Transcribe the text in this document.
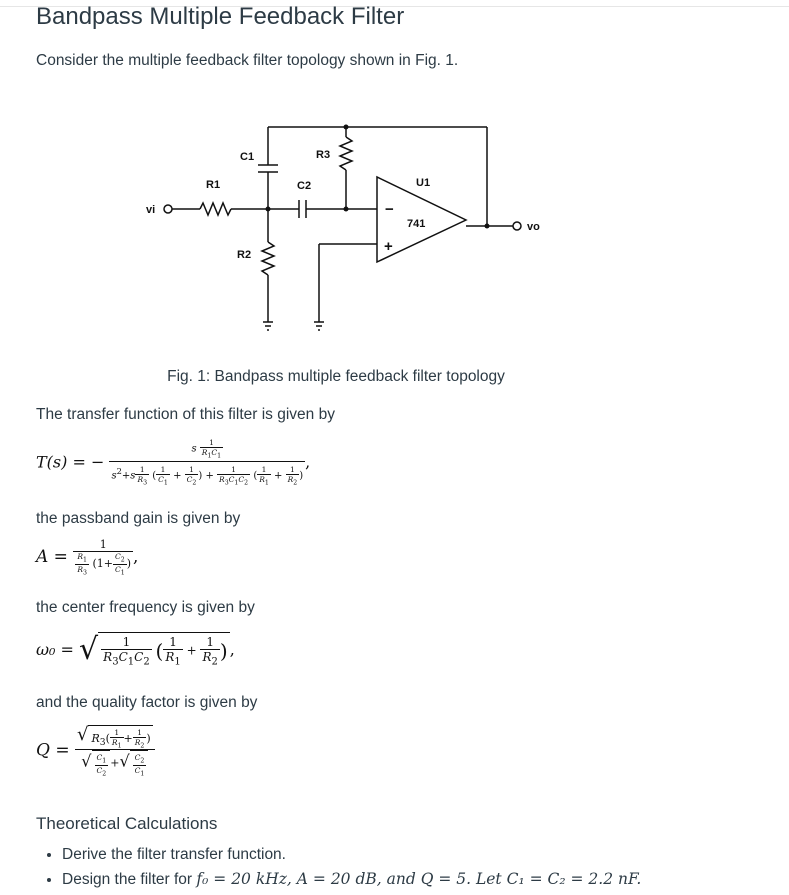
Bandpass Multiple Feedback Filter

Consider the multiple feedback filter topology shown in Fig. 1.

vi
vo
R1
R2
R3
C1
C2	U1
741
−
+
Fig. 1: Bandpass multiple feedback filter topology

The transfer function of this filter is given by

T(s) = − $\frac{s \frac{1}{R_1C_1}}{s^2+s \frac{1}{R_3} ( \frac{1}{C_1} + \frac{1}{C_2} ) + \frac{1}{R_3C_1C_2} ( \frac{1}{R_1} + \frac{1}{R_2} )}$ ,

the passband gain is given by

$A = \frac{1}{\frac{R_1}{R_3} (1+ \frac{C_2}{C_1} )}$ ,

the center frequency is given by

ω₀ = √ $\frac{1}{R_3C_1C_2}$ ( $\frac{1}{R_1} + \frac{1}{R_2}$ ) ,

and the quality factor is given by

$Q = \frac{√ R_3( \frac{1}{R_1} + \frac{1}{R_2} )}{√ \frac{C_1}{C_2} +√ \frac{C_2}{C_1}}$
Theoretical Calculations
• Derive the filter transfer function.
• Design the filter for f₀ = 20 kHz, A = 20 dB, and Q = 5. Let C₁ = C₂ = 2.2 nF.
